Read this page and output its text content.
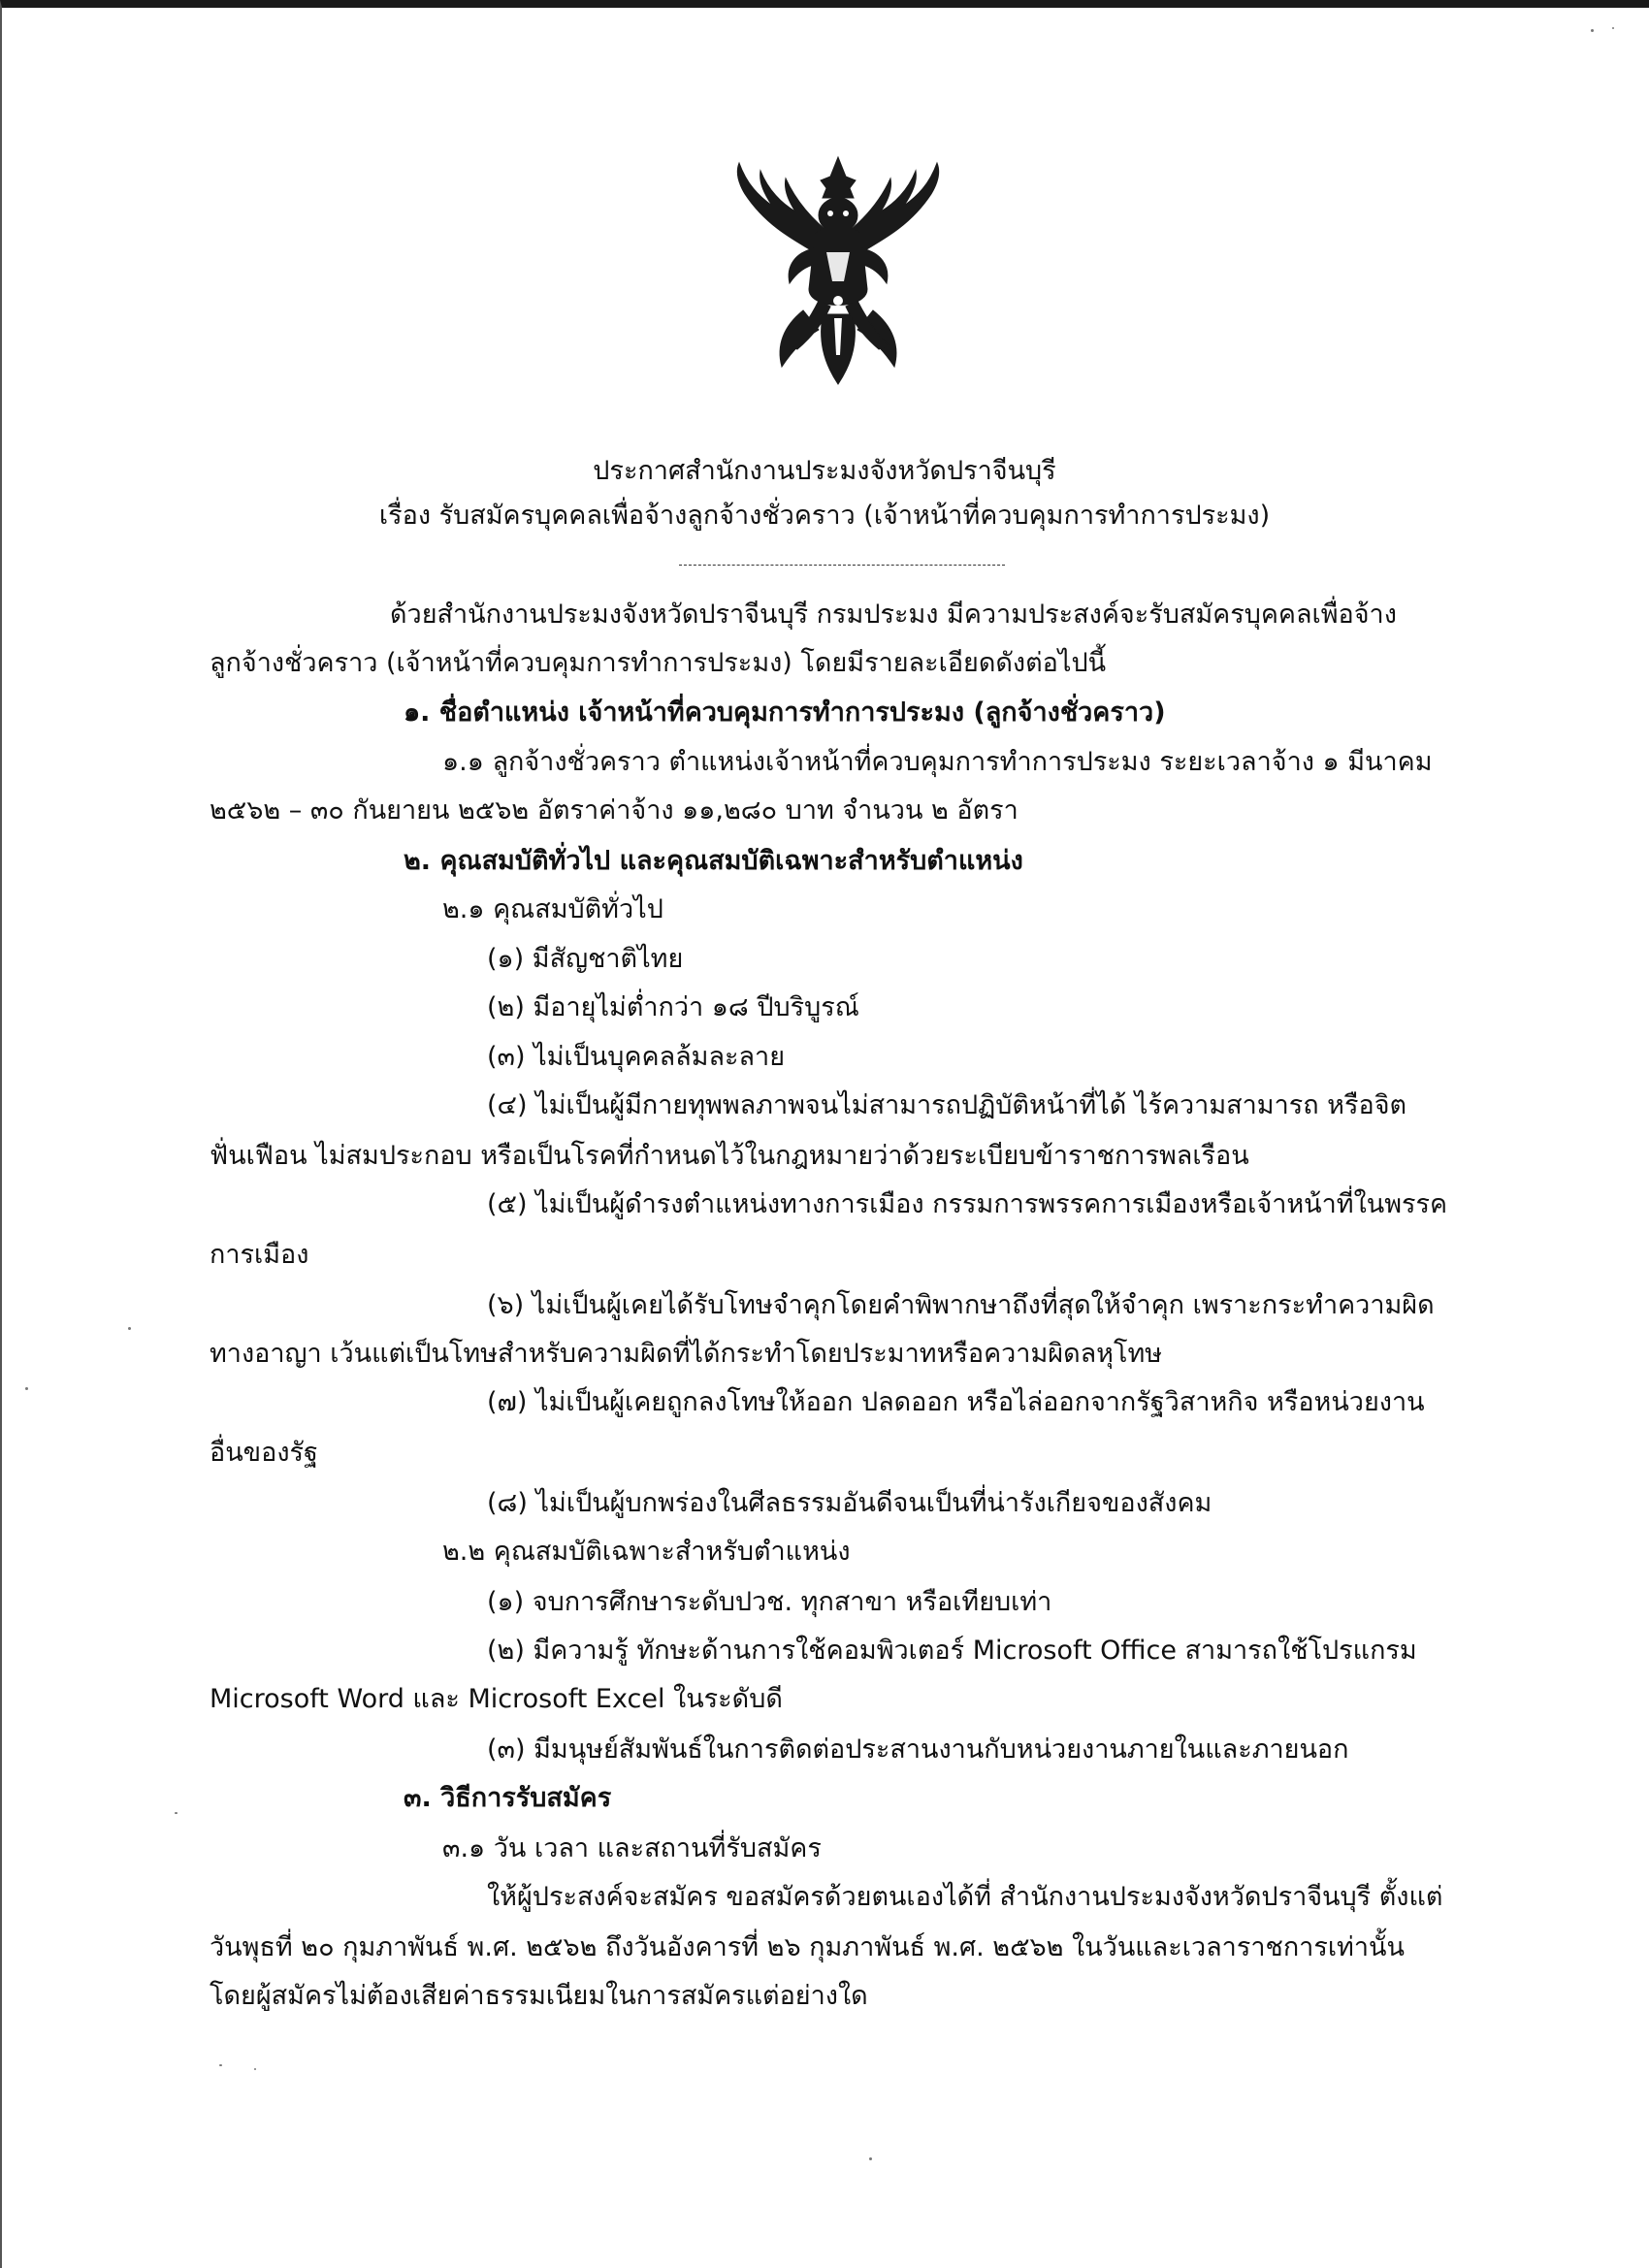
ประกาศสำนักงานประมงจังหวัดปราจีนบุรี
เรื่อง รับสมัครบุคคลเพื่อจ้างลูกจ้างชั่วคราว (เจ้าหน้าที่ควบคุมการทำการประมง)
ด้วยสำนักงานประมงจังหวัดปราจีนบุรี กรมประมง มีความประสงค์จะรับสมัครบุคคลเพื่อจ้าง
ลูกจ้างชั่วคราว (เจ้าหน้าที่ควบคุมการทำการประมง) โดยมีรายละเอียดดังต่อไปนี้
๑. ชื่อตำแหน่ง เจ้าหน้าที่ควบคุมการทำการประมง (ลูกจ้างชั่วคราว)
๑.๑ ลูกจ้างชั่วคราว ตำแหน่งเจ้าหน้าที่ควบคุมการทำการประมง ระยะเวลาจ้าง ๑ มีนาคม
๒๕๖๒ – ๓๐ กันยายน ๒๕๖๒ อัตราค่าจ้าง ๑๑,๒๘๐ บาท จำนวน ๒ อัตรา
๒. คุณสมบัติทั่วไป และคุณสมบัติเฉพาะสำหรับตำแหน่ง
๒.๑ คุณสมบัติทั่วไป
(๑) มีสัญชาติไทย
(๒) มีอายุไม่ต่ำกว่า ๑๘ ปีบริบูรณ์
(๓) ไม่เป็นบุคคลล้มละลาย
(๔) ไม่เป็นผู้มีกายทุพพลภาพจนไม่สามารถปฏิบัติหน้าที่ได้ ไร้ความสามารถ หรือจิต
ฟั่นเฟือน ไม่สมประกอบ หรือเป็นโรคที่กำหนดไว้ในกฎหมายว่าด้วยระเบียบข้าราชการพลเรือน
(๕) ไม่เป็นผู้ดำรงตำแหน่งทางการเมือง กรรมการพรรคการเมืองหรือเจ้าหน้าที่ในพรรค
การเมือง
(๖) ไม่เป็นผู้เคยได้รับโทษจำคุกโดยคำพิพากษาถึงที่สุดให้จำคุก เพราะกระทำความผิด
ทางอาญา เว้นแต่เป็นโทษสำหรับความผิดที่ได้กระทำโดยประมาทหรือความผิดลหุโทษ
(๗) ไม่เป็นผู้เคยถูกลงโทษให้ออก ปลดออก หรือไล่ออกจากรัฐวิสาหกิจ หรือหน่วยงาน
อื่นของรัฐ
(๘) ไม่เป็นผู้บกพร่องในศีลธรรมอันดีจนเป็นที่น่ารังเกียจของสังคม
๒.๒ คุณสมบัติเฉพาะสำหรับตำแหน่ง
(๑) จบการศึกษาระดับปวช. ทุกสาขา หรือเทียบเท่า
(๒) มีความรู้ ทักษะด้านการใช้คอมพิวเตอร์ Microsoft Office สามารถใช้โปรแกรม
Microsoft Word และ Microsoft Excel ในระดับดี
(๓) มีมนุษย์สัมพันธ์ในการติดต่อประสานงานกับหน่วยงานภายในและภายนอก
๓. วิธีการรับสมัคร
๓.๑ วัน เวลา และสถานที่รับสมัคร
ให้ผู้ประสงค์จะสมัคร ขอสมัครด้วยตนเองได้ที่ สำนักงานประมงจังหวัดปราจีนบุรี ตั้งแต่
วันพุธที่ ๒๐ กุมภาพันธ์ พ.ศ. ๒๕๖๒ ถึงวันอังคารที่ ๒๖ กุมภาพันธ์ พ.ศ. ๒๕๖๒ ในวันและเวลาราชการเท่านั้น
โดยผู้สมัครไม่ต้องเสียค่าธรรมเนียมในการสมัครแต่อย่างใด
